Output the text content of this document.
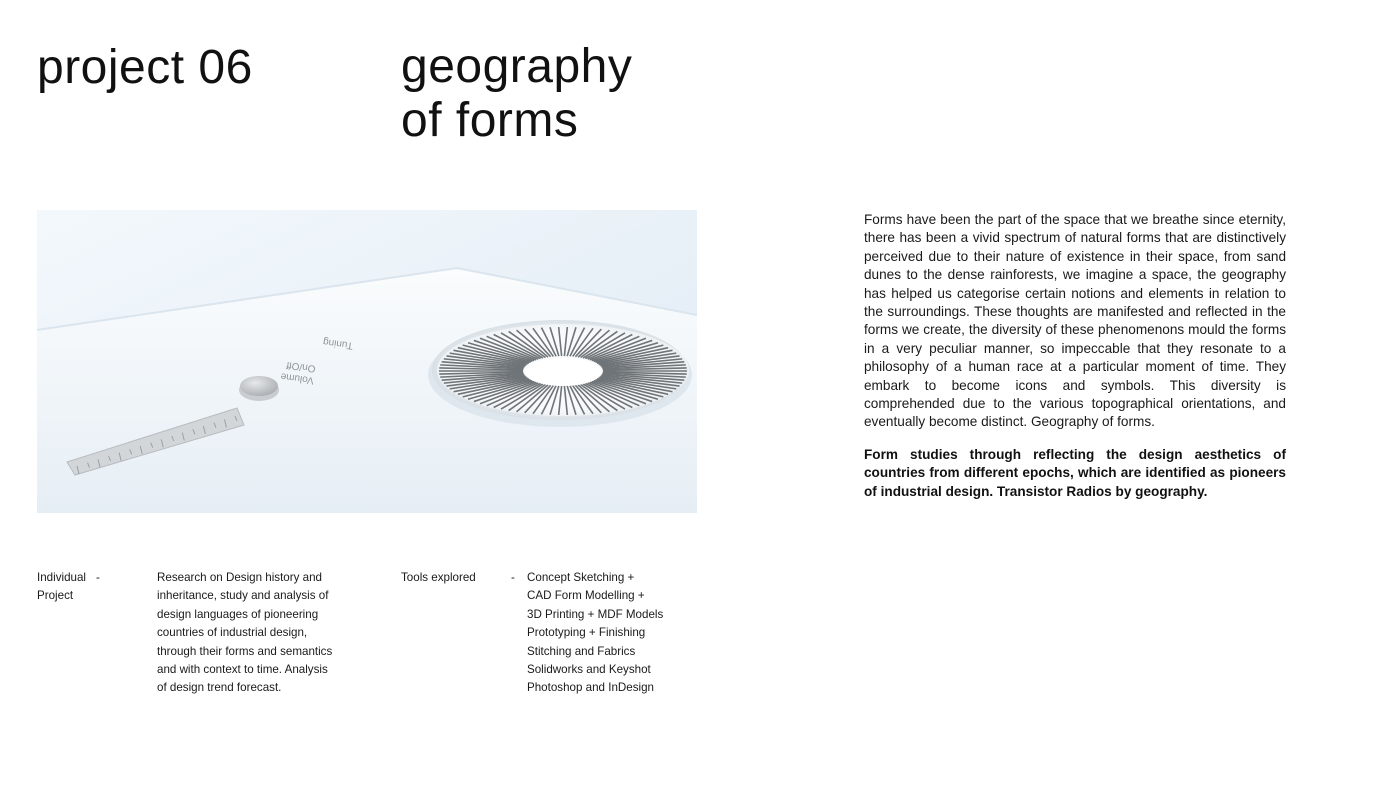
project 06	geography
of forms
Volume
On/Off
Tuning

Forms have been the part of the space that we breathe since eternity, there has been a vivid spectrum of natural forms that are distinctively perceived due to their nature of existence in their space, from sand dunes to the dense rainforests, we imagine a space, the geography has helped us categorise certain notions and elements in relation to the surroundings. These thoughts are manifested and reflected in the forms we create, the diversity of these phenomenons mould the forms in a very peculiar manner, so impeccable that they resonate to a philosophy of a human race at a particular moment of time. They embark to become icons and symbols. This diversity is comprehended due to the various topographical orientations, and eventually become distinct. Geography of forms.

Form studies through reflecting the design aesthetics of countries from different epochs, which are identified as pioneers of industrial design. Transistor Radios by geography.

Individual
Project
-	Research on Design history and
inheritance, study and analysis of
design languages of pioneering
countries of industrial design,
through their forms and semantics
and with context to time. Analysis
of design trend forecast.
Tools explored	- Concept Sketching +
CAD Form Modelling +
3D Printing + MDF Models
Prototyping + Finishing
Stitching and Fabrics
Solidworks and Keyshot
Photoshop and InDesign
